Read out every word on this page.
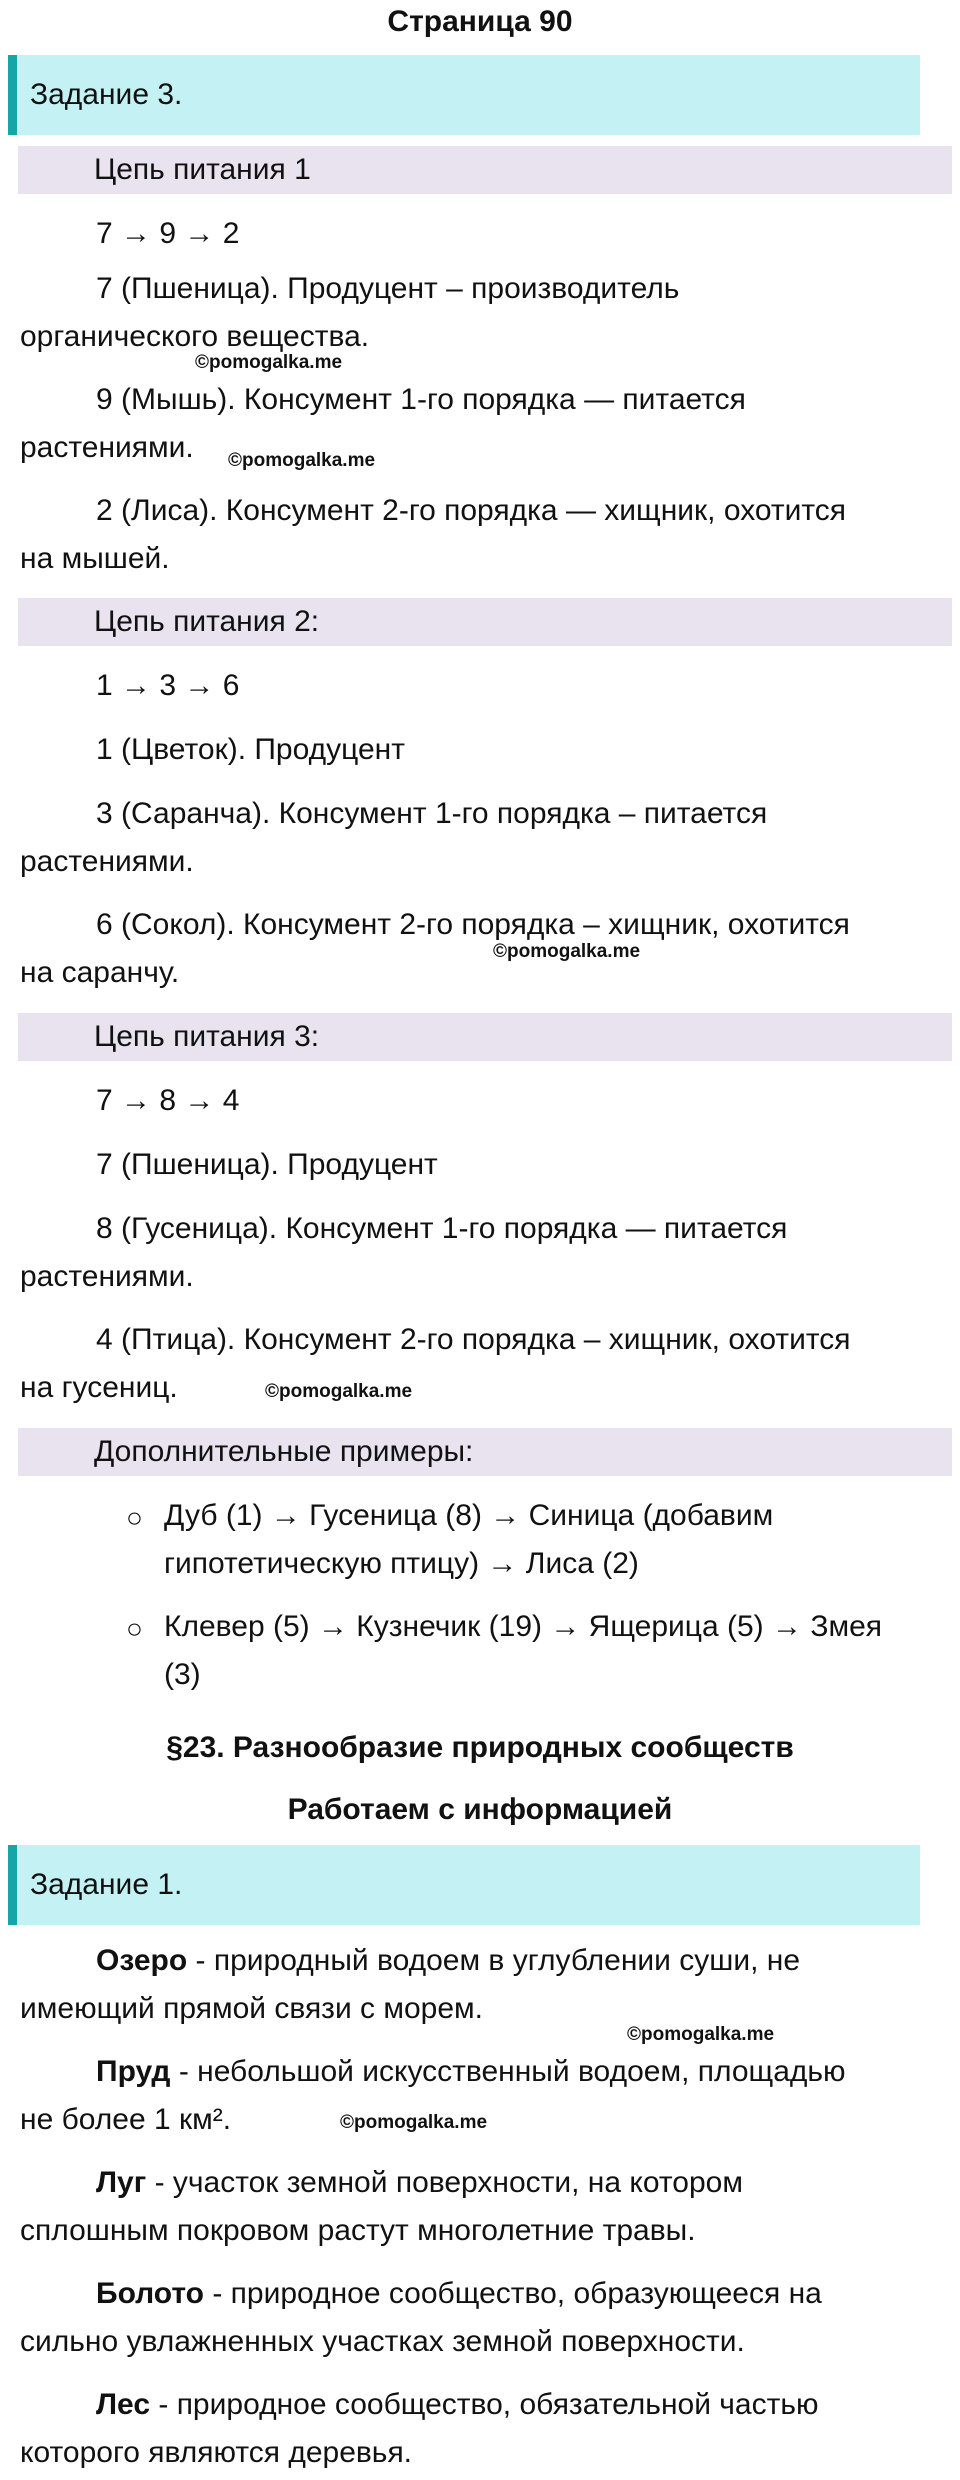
Страница 90
Задание 3.
Цепь питания 1
7 → 9 → 2
7 (Пшеница). Продуцент – производитель
органического вещества.
©pomogalka.me
9 (Мышь). Консумент 1-го порядка — питается
растениями.	©pomogalka.me
2 (Лиса). Консумент 2-го порядка — хищник, охотится
на мышей.
Цепь питания 2:
1 → 3 → 6
1 (Цветок). Продуцент
3 (Саранча). Консумент 1-го порядка – питается
растениями.
6 (Сокол). Консумент 2-го порядка – хищник, охотится
на саранчу.
©pomogalka.me
Цепь питания 3:
7 → 8 → 4
7 (Пшеница). Продуцент
8 (Гусеница). Консумент 1-го порядка — питается
растениями.
4 (Птица). Консумент 2-го порядка – хищник, охотится
на гусениц.	©pomogalka.me
Дополнительные примеры:
○ Дуб (1) → Гусеница (8) → Синица (добавим
гипотетическую птицу) → Лиса (2)
○ Клевер (5) → Кузнечик (19) → Ящерица (5) → Змея
(3)
§23. Разнообразие природных сообществ
Работаем с информацией
Задание 1.
Озеро - природный водоем в углублении суши, не
имеющий прямой связи с морем.
©pomogalka.me
Пруд - небольшой искусственный водоем, площадью
не более 1 км².	©pomogalka.me
Луг - участок земной поверхности, на котором
сплошным покровом растут многолетние травы.
Болото - природное сообщество, образующееся на
сильно увлажненных участках земной поверхности.
Лес - природное сообщество, обязательной частью
которого являются деревья.
